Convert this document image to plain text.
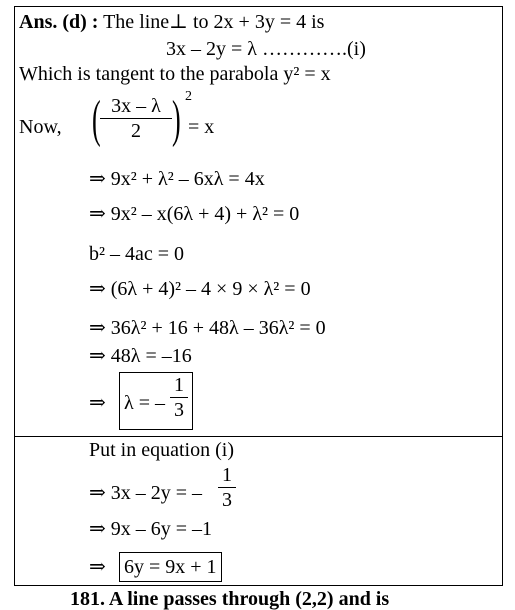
Ans. (d) : The line⊥ to 2x + 3y = 4 is
3x – 2y = λ ………….(i)
Which is tangent to the parabola y² = x
Now, ( 3x – λ
2 ) 2
= x
⇒ 9x² + λ² – 6xλ = 4x
⇒ 9x² – x(6λ + 4) + λ² = 0
b² – 4ac = 0
⇒ (6λ + 4)² – 4 × 9 × λ² = 0
⇒ 36λ² + 16 + 48λ – 36λ² = 0
⇒ 48λ = –16
⇒ λ = –
1
3
Put in equation (i)
⇒ 3x – 2y = –
1
3
⇒ 9x – 6y = –1
⇒ 6y = 9x + 1
181. A line passes through (2,2) and is
